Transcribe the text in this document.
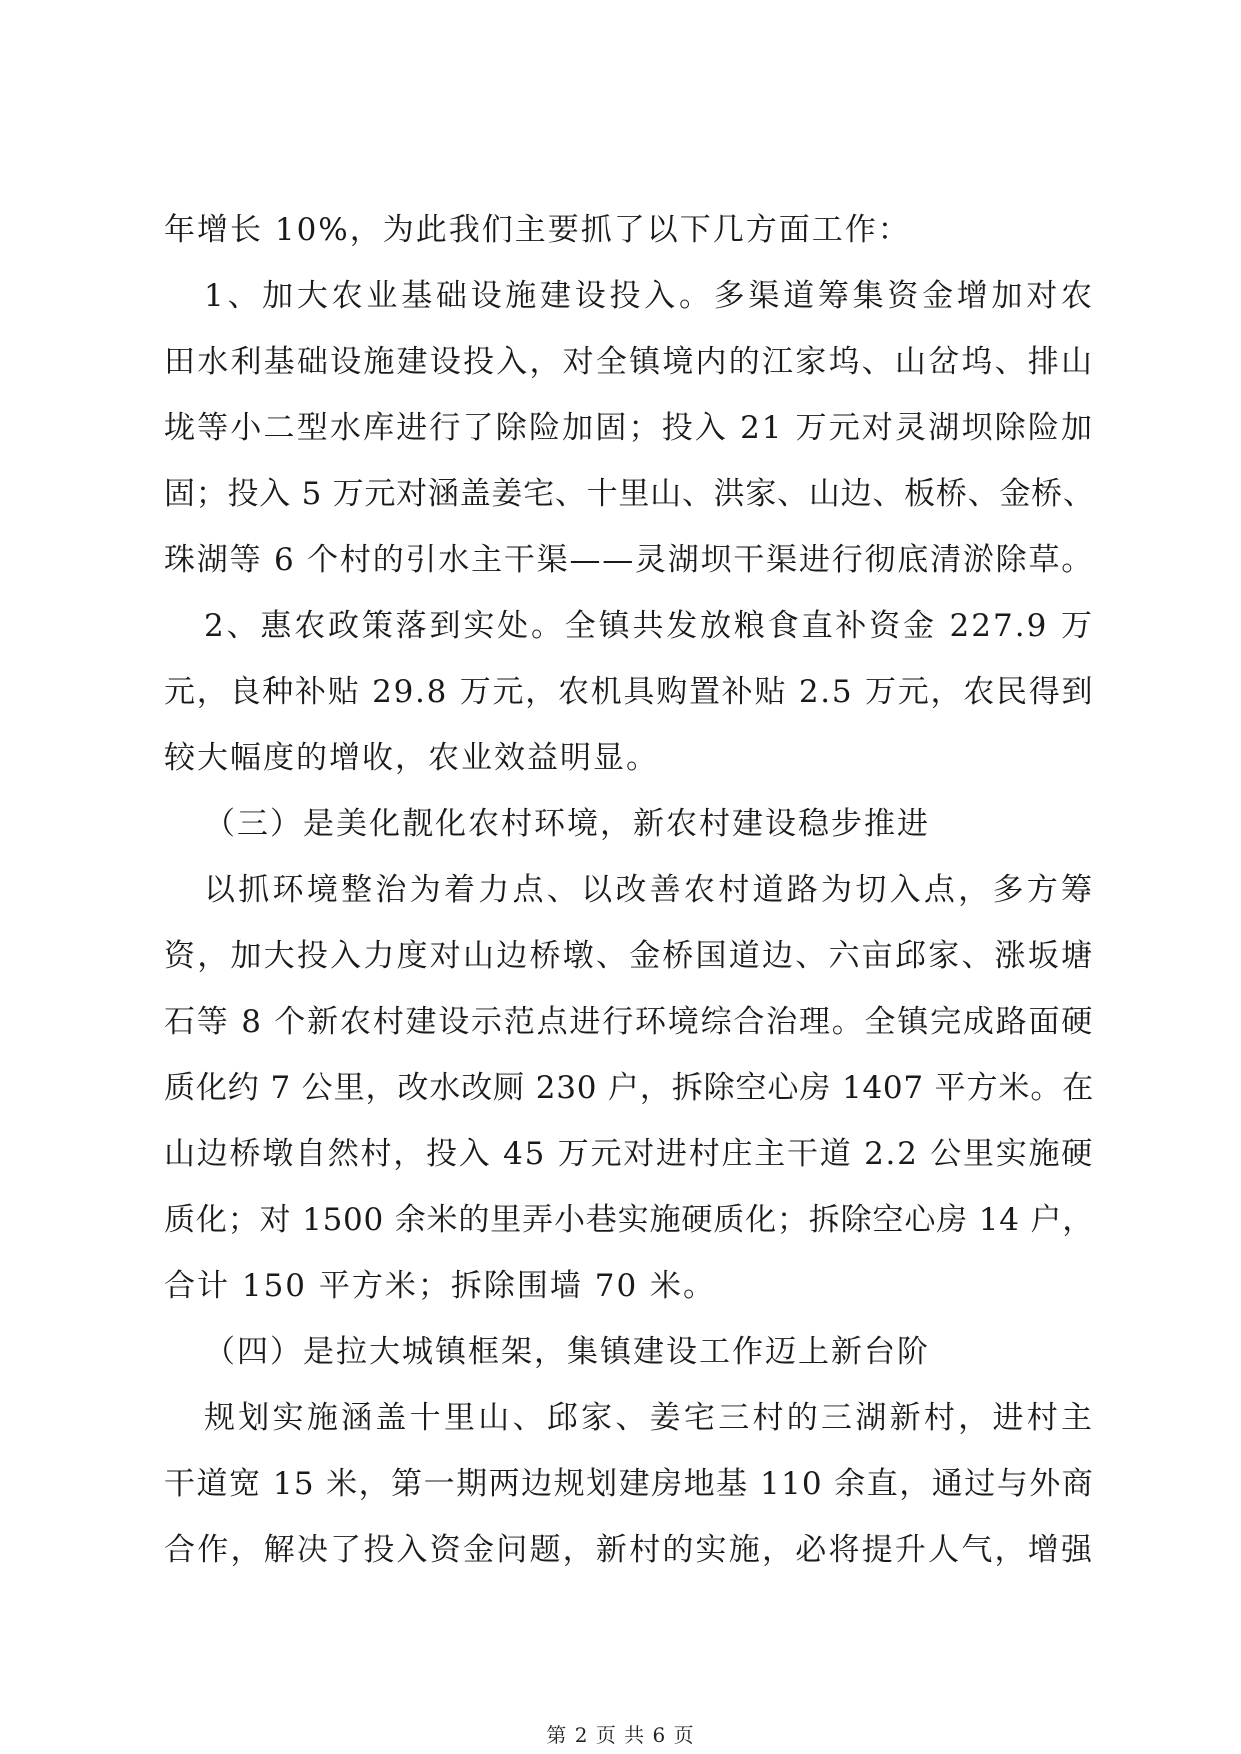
年增长 10%，为此我们主要抓了以下几方面工作：
1、加大农业基础设施建设投入。多渠道筹集资金增加对农
田水利基础设施建设投入，对全镇境内的江家坞、山岔坞、排山
垅等小二型水库进行了除险加固；投入 21 万元对灵湖坝除险加
固；投入 5 万元对涵盖姜宅、十里山、洪家、山边、板桥、金桥、
珠湖等 6 个村的引水主干渠——灵湖坝干渠进行彻底清淤除草。
2、惠农政策落到实处。全镇共发放粮食直补资金 227.9 万
元，良种补贴 29.8 万元，农机具购置补贴 2.5 万元，农民得到
较大幅度的增收，农业效益明显。
（三）是美化靓化农村环境，新农村建设稳步推进
以抓环境整治为着力点、以改善农村道路为切入点，多方筹
资，加大投入力度对山边桥墩、金桥国道边、六亩邱家、涨坂塘
石等 8 个新农村建设示范点进行环境综合治理。全镇完成路面硬
质化约 7 公里，改水改厕 230 户，拆除空心房 1407 平方米。在
山边桥墩自然村，投入 45 万元对进村庄主干道 2.2 公里实施硬
质化；对 1500 余米的里弄小巷实施硬质化；拆除空心房 14 户，
合计 150 平方米；拆除围墙 70 米。
（四）是拉大城镇框架，集镇建设工作迈上新台阶
规划实施涵盖十里山、邱家、姜宅三村的三湖新村，进村主
干道宽 15 米，第一期两边规划建房地基 110 余直，通过与外商
合作，解决了投入资金问题，新村的实施，必将提升人气，增强
第 2 页 共 6 页
